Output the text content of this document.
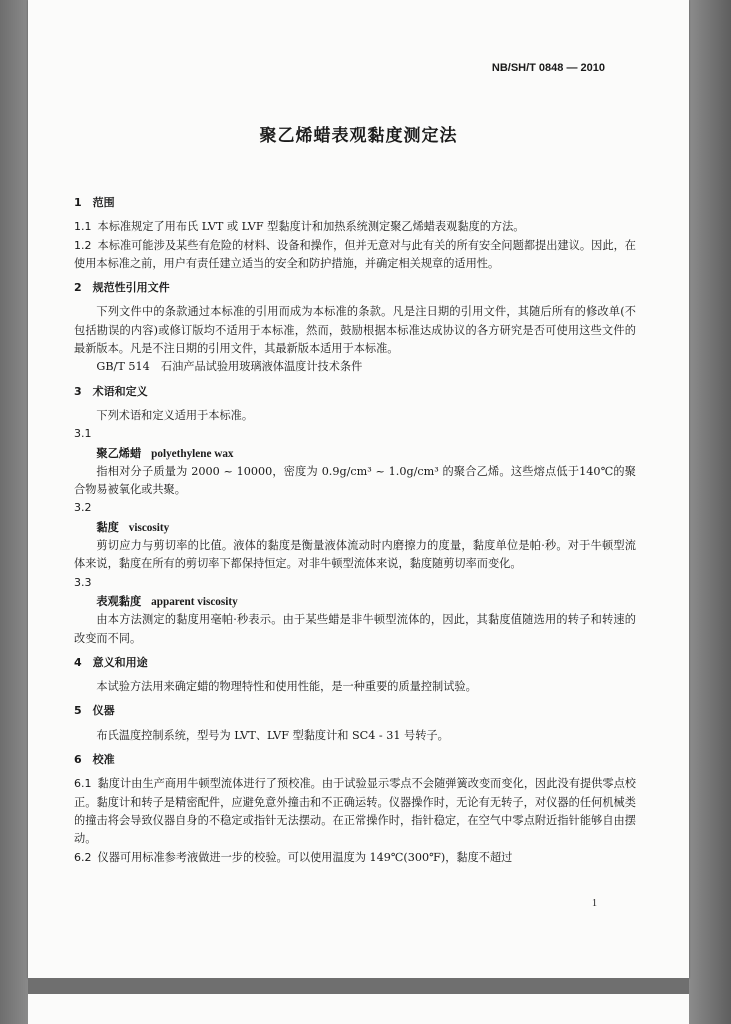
NB/SH/T 0848 — 2010
聚乙烯蜡表观黏度测定法
1　范围
1.1 本标准规定了用布氏 LVT 或 LVF 型黏度计和加热系统测定聚乙烯蜡表观黏度的方法。
1.2 本标准可能涉及某些有危险的材料、设备和操作，但并无意对与此有关的所有安全问题都提出建议。因此，在使用本标准之前，用户有责任建立适当的安全和防护措施，并确定相关规章的适用性。
2　规范性引用文件
下列文件中的条款通过本标准的引用而成为本标准的条款。凡是注日期的引用文件，其随后所有的修改单(不包括勘误的内容)或修订版均不适用于本标准，然而，鼓励根据本标准达成协议的各方研究是否可使用这些文件的最新版本。凡是不注日期的引用文件，其最新版本适用于本标准。
GB/T 514　石油产品试验用玻璃液体温度计技术条件
3　术语和定义
下列术语和定义适用于本标准。
3.1
聚乙烯蜡 polyethylene wax
指相对分子质量为 2000 ~ 10000，密度为 0.9g/cm³ ~ 1.0g/cm³ 的聚合乙烯。这些熔点低于140℃的聚合物易被氧化或共聚。
3.2
黏度 viscosity
剪切应力与剪切率的比值。液体的黏度是衡量液体流动时内磨擦力的度量，黏度单位是帕·秒。对于牛顿型流体来说，黏度在所有的剪切率下都保持恒定。对非牛顿型流体来说，黏度随剪切率而变化。
3.3
表观黏度 apparent viscosity
由本方法测定的黏度用毫帕·秒表示。由于某些蜡是非牛顿型流体的，因此，其黏度值随选用的转子和转速的改变而不同。
4　意义和用途
本试验方法用来确定蜡的物理特性和使用性能，是一种重要的质量控制试验。
5　仪器
布氏温度控制系统，型号为 LVT、LVF 型黏度计和 SC4 - 31 号转子。
6　校准
6.1 黏度计由生产商用牛顿型流体进行了预校准。由于试验显示零点不会随弹簧改变而变化，因此没有提供零点校正。黏度计和转子是精密配件，应避免意外撞击和不正确运转。仪器操作时，无论有无转子，对仪器的任何机械类的撞击将会导致仪器自身的不稳定或指针无法摆动。在正常操作时，指针稳定，在空气中零点附近指针能够自由摆动。
6.2 仪器可用标准参考液做进一步的校验。可以使用温度为 149℃(300℉)，黏度不超过
1
